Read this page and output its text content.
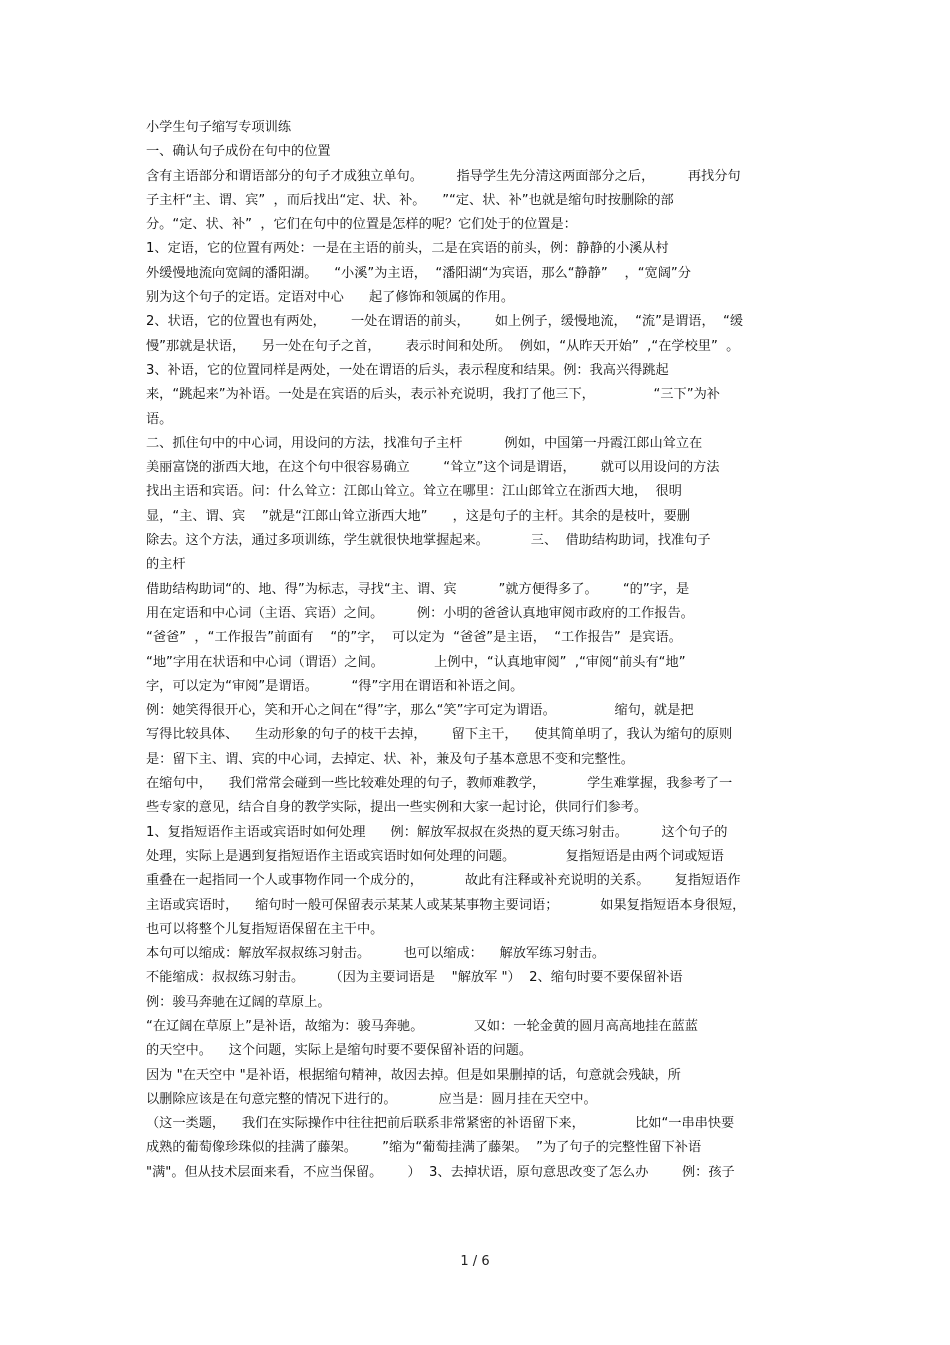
小学生句子缩写专项训练
一、确认句子成份在句中的位置
含有主语部分和谓语部分的句子才成独立单句。        指导学生先分清这两面部分之后，        再找分句
子主杆“主、谓、宾”  ，而后找出“定、状、补。    ”“定、状、补”也就是缩句时按删除的部
分。“定、状、补”  ，它们在句中的位置是怎样的呢？它们处于的位置是：
1、定语，它的位置有两处：一是在主语的前头，二是在宾语的前头，例：静静的小溪从村
外缓慢地流向宽阔的潘阳湖。    “小溪”为主语，  “潘阳湖“为宾语，那么“静静”    ，“宽阔”分
别为这个句子的定语。定语对中心      起了修饰和领属的作用。
2、状语，它的位置也有两处，      一处在谓语的前头，      如上例子，缓慢地流，  “流”是谓语，  “缓
慢”那就是状语，    另一处在句子之首，      表示时间和处所。  例如，“从昨天开始”  ,“在学校里”  。
3、补语，它的位置同样是两处，一处在谓语的后头，表示程度和结果。例：我高兴得跳起
来，“跳起来”为补语。一处是在宾语的后头，表示补充说明，我打了他三下，              “三下”为补
语。
二、抓住句中的中心词，用设问的方法，找准句子主杆          例如，中国第一丹霞江郎山耸立在
美丽富饶的浙西大地，在这个句中很容易确立        “耸立”这个词是谓语，      就可以用设问的方法
找出主语和宾语。问：什么耸立：江郎山耸立。耸立在哪里：江山郎耸立在浙西大地，  很明
显，“主、谓、宾    ”就是“江郎山耸立浙西大地”      ，这是句子的主杆。其余的是枝叶，要删
除去。这个方法，通过多项训练，学生就很快地掌握起来。          三、  借助结构助词，找准句子
的主杆
借助结构助词“的、地、得”为标志，寻找“主、谓、宾          ”就方便得多了。      “的”字，是
用在定语和中心词（主语、宾语）之间。        例：小明的爸爸认真地审阅市政府的工作报告。
“爸爸”  ，“工作报告”前面有    “的”字，  可以定为  “爸爸”是主语，  “工作报告”  是宾语。
“地”字用在状语和中心词（谓语）之间。            上例中，“认真地审阅”  ,“审阅“前头有“地”
字，可以定为“审阅”是谓语。        “得”字用在谓语和补语之间。
例：她笑得很开心，笑和开心之间在“得”字，那么“笑”字可定为谓语。              缩句，就是把
写得比较具体、    生动形象的句子的枝干去掉，      留下主干，    使其简单明了，我认为缩句的原则
是：留下主、谓、宾的中心词，去掉定、状、补，兼及句子基本意思不变和完整性。
在缩句中，    我们常常会碰到一些比较难处理的句子，教师难教学，          学生难掌握，我参考了一
些专家的意见，结合自身的教学实际，提出一些实例和大家一起讨论，供同行们参考。
1、复指短语作主语或宾语时如何处理      例：解放军叔叔在炎热的夏天练习射击。        这个句子的
处理，实际上是遇到复指短语作主语或宾语时如何处理的问题。            复指短语是由两个词或短语
重叠在一起指同一个人或事物作同一个成分的，          故此有注释或补充说明的关系。      复指短语作
主语或宾语时，    缩句时一般可保留表示某某人或某某事物主要词语；          如果复指短语本身很短，
也可以将整个儿复指短语保留在主干中。
本句可以缩成：解放军叔叔练习射击。        也可以缩成：    解放军练习射击。
不能缩成：叔叔练习射击。      （因为主要词语是    "解放军 "）  2、缩句时要不要保留补语
例：骏马奔驰在辽阔的草原上。
“在辽阔在草原上”是补语，故缩为：骏马奔驰。            又如：一轮金黄的圆月高高地挂在蓝蓝
的天空中。    这个问题，实际上是缩句时要不要保留补语的问题。
因为 "在天空中 "是补语，根据缩句精神，故因去掉。但是如果删掉的话，句意就会残缺，所
以删除应该是在句意完整的情况下进行的。          应当是：圆月挂在天空中。
（这一类题，    我们在实际操作中往往把前后联系非常紧密的补语留下来，            比如“一串串快要
成熟的葡萄像珍珠似的挂满了藤架。      ”缩为“葡萄挂满了藤架。  ”为了句子的完整性留下补语
"满"。但从技术层面来看，不应当保留。      ）  3、去掉状语，原句意思改变了怎么办        例：孩子
1 / 6
